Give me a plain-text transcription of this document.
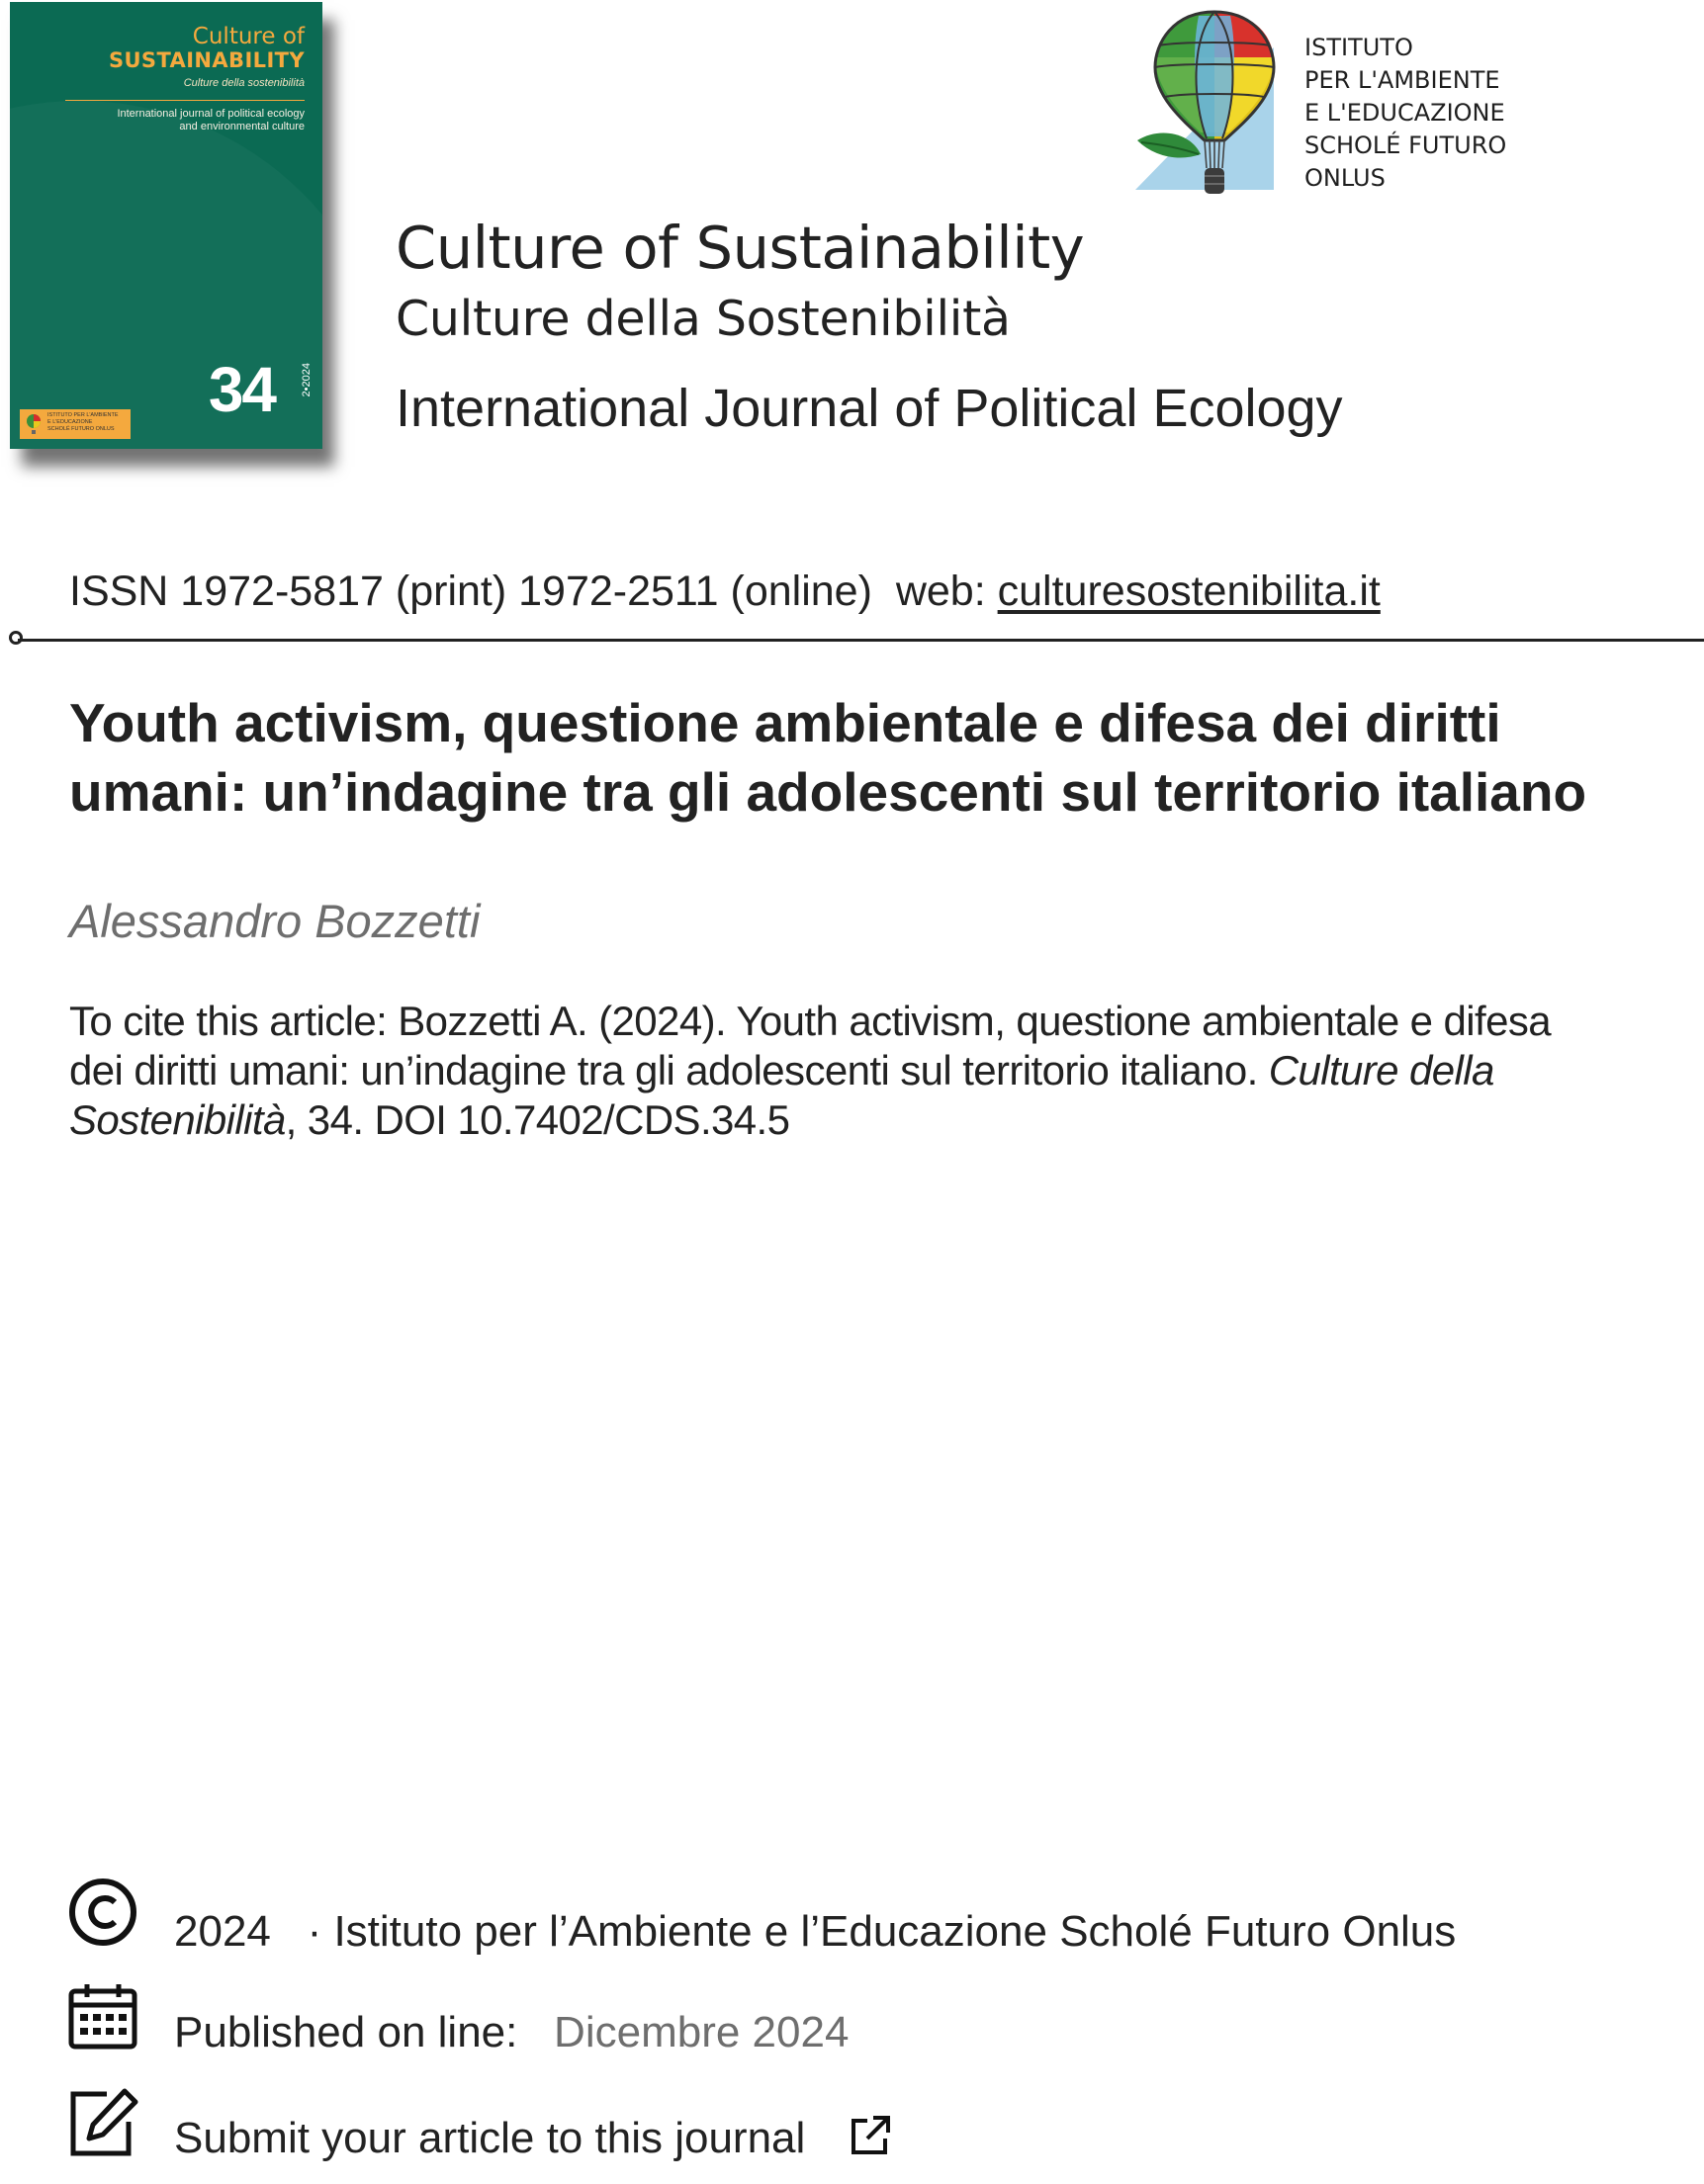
Culture of
SUSTAINABILITY
Culture della sostenibilità
International journal of political ecology
and environmental culture
34 2•2024
ISTITUTO PER L'AMBIENTE
E L'EDUCAZIONE
SCHOLÉ FUTURO ONLUS
ISTITUTO
PER L'AMBIENTE
E L'EDUCAZIONE
SCHOLÉ FUTURO
ONLUS
Culture of Sustainability
Culture della Sostenibilità
International Journal of Political Ecology
ISSN 1972-5817 (print) 1972-2511 (online) web: culturesostenibilita.it
Youth activism, questione ambientale e difesa dei diritti umani: un’indagine tra gli adolescenti sul territorio italiano
Alessandro Bozzetti
To cite this article: Bozzetti A. (2024). Youth activism, questione ambientale e difesa dei diritti umani: un’indagine tra gli adolescenti sul territorio italiano. Culture della Sostenibilità, 34. DOI 10.7402/CDS.34.5
2024 · Istituto per l’Ambiente e l’Educazione Scholé Futuro Onlus
Published on line: Dicembre 2024
Submit your article to this journal
